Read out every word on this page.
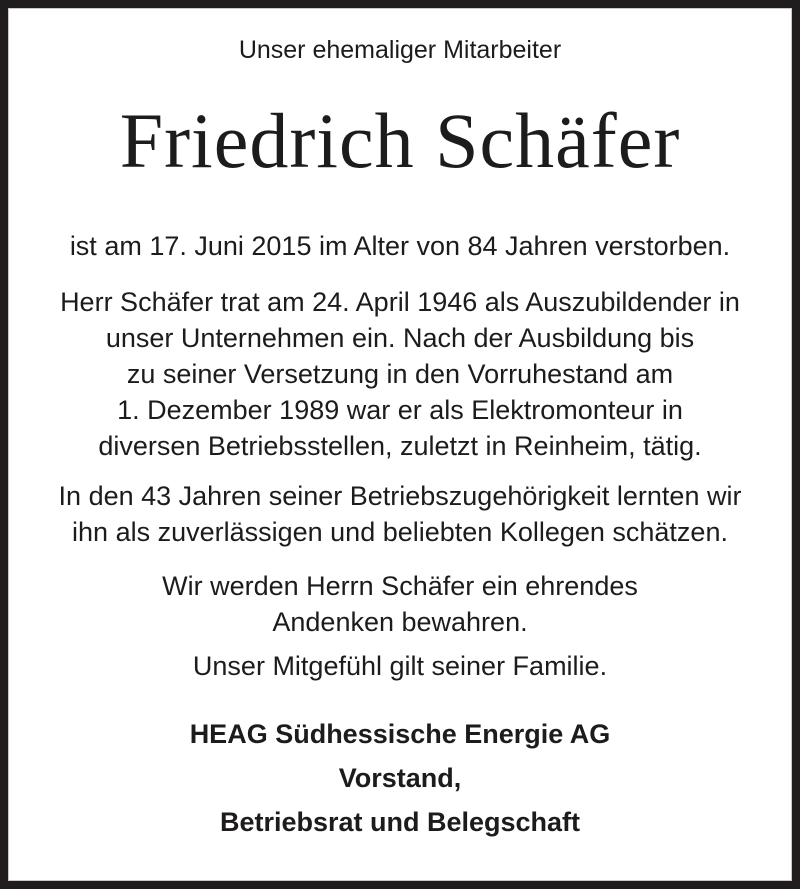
Unser ehemaliger Mitarbeiter
Friedrich Schäfer
ist am 17. Juni 2015 im Alter von 84 Jahren verstorben.
Herr Schäfer trat am 24. April 1946 als Auszubildender in
unser Unternehmen ein. Nach der Ausbildung bis
zu seiner Versetzung in den Vorruhestand am
1. Dezember 1989 war er als Elektromonteur in
diversen Betriebsstellen, zuletzt in Reinheim, tätig.
In den 43 Jahren seiner Betriebszugehörigkeit lernten wir
ihn als zuverlässigen und beliebten Kollegen schätzen.
Wir werden Herrn Schäfer ein ehrendes
Andenken bewahren.
Unser Mitgefühl gilt seiner Familie.
HEAG Südhessische Energie AG
Vorstand,
Betriebsrat und Belegschaft
